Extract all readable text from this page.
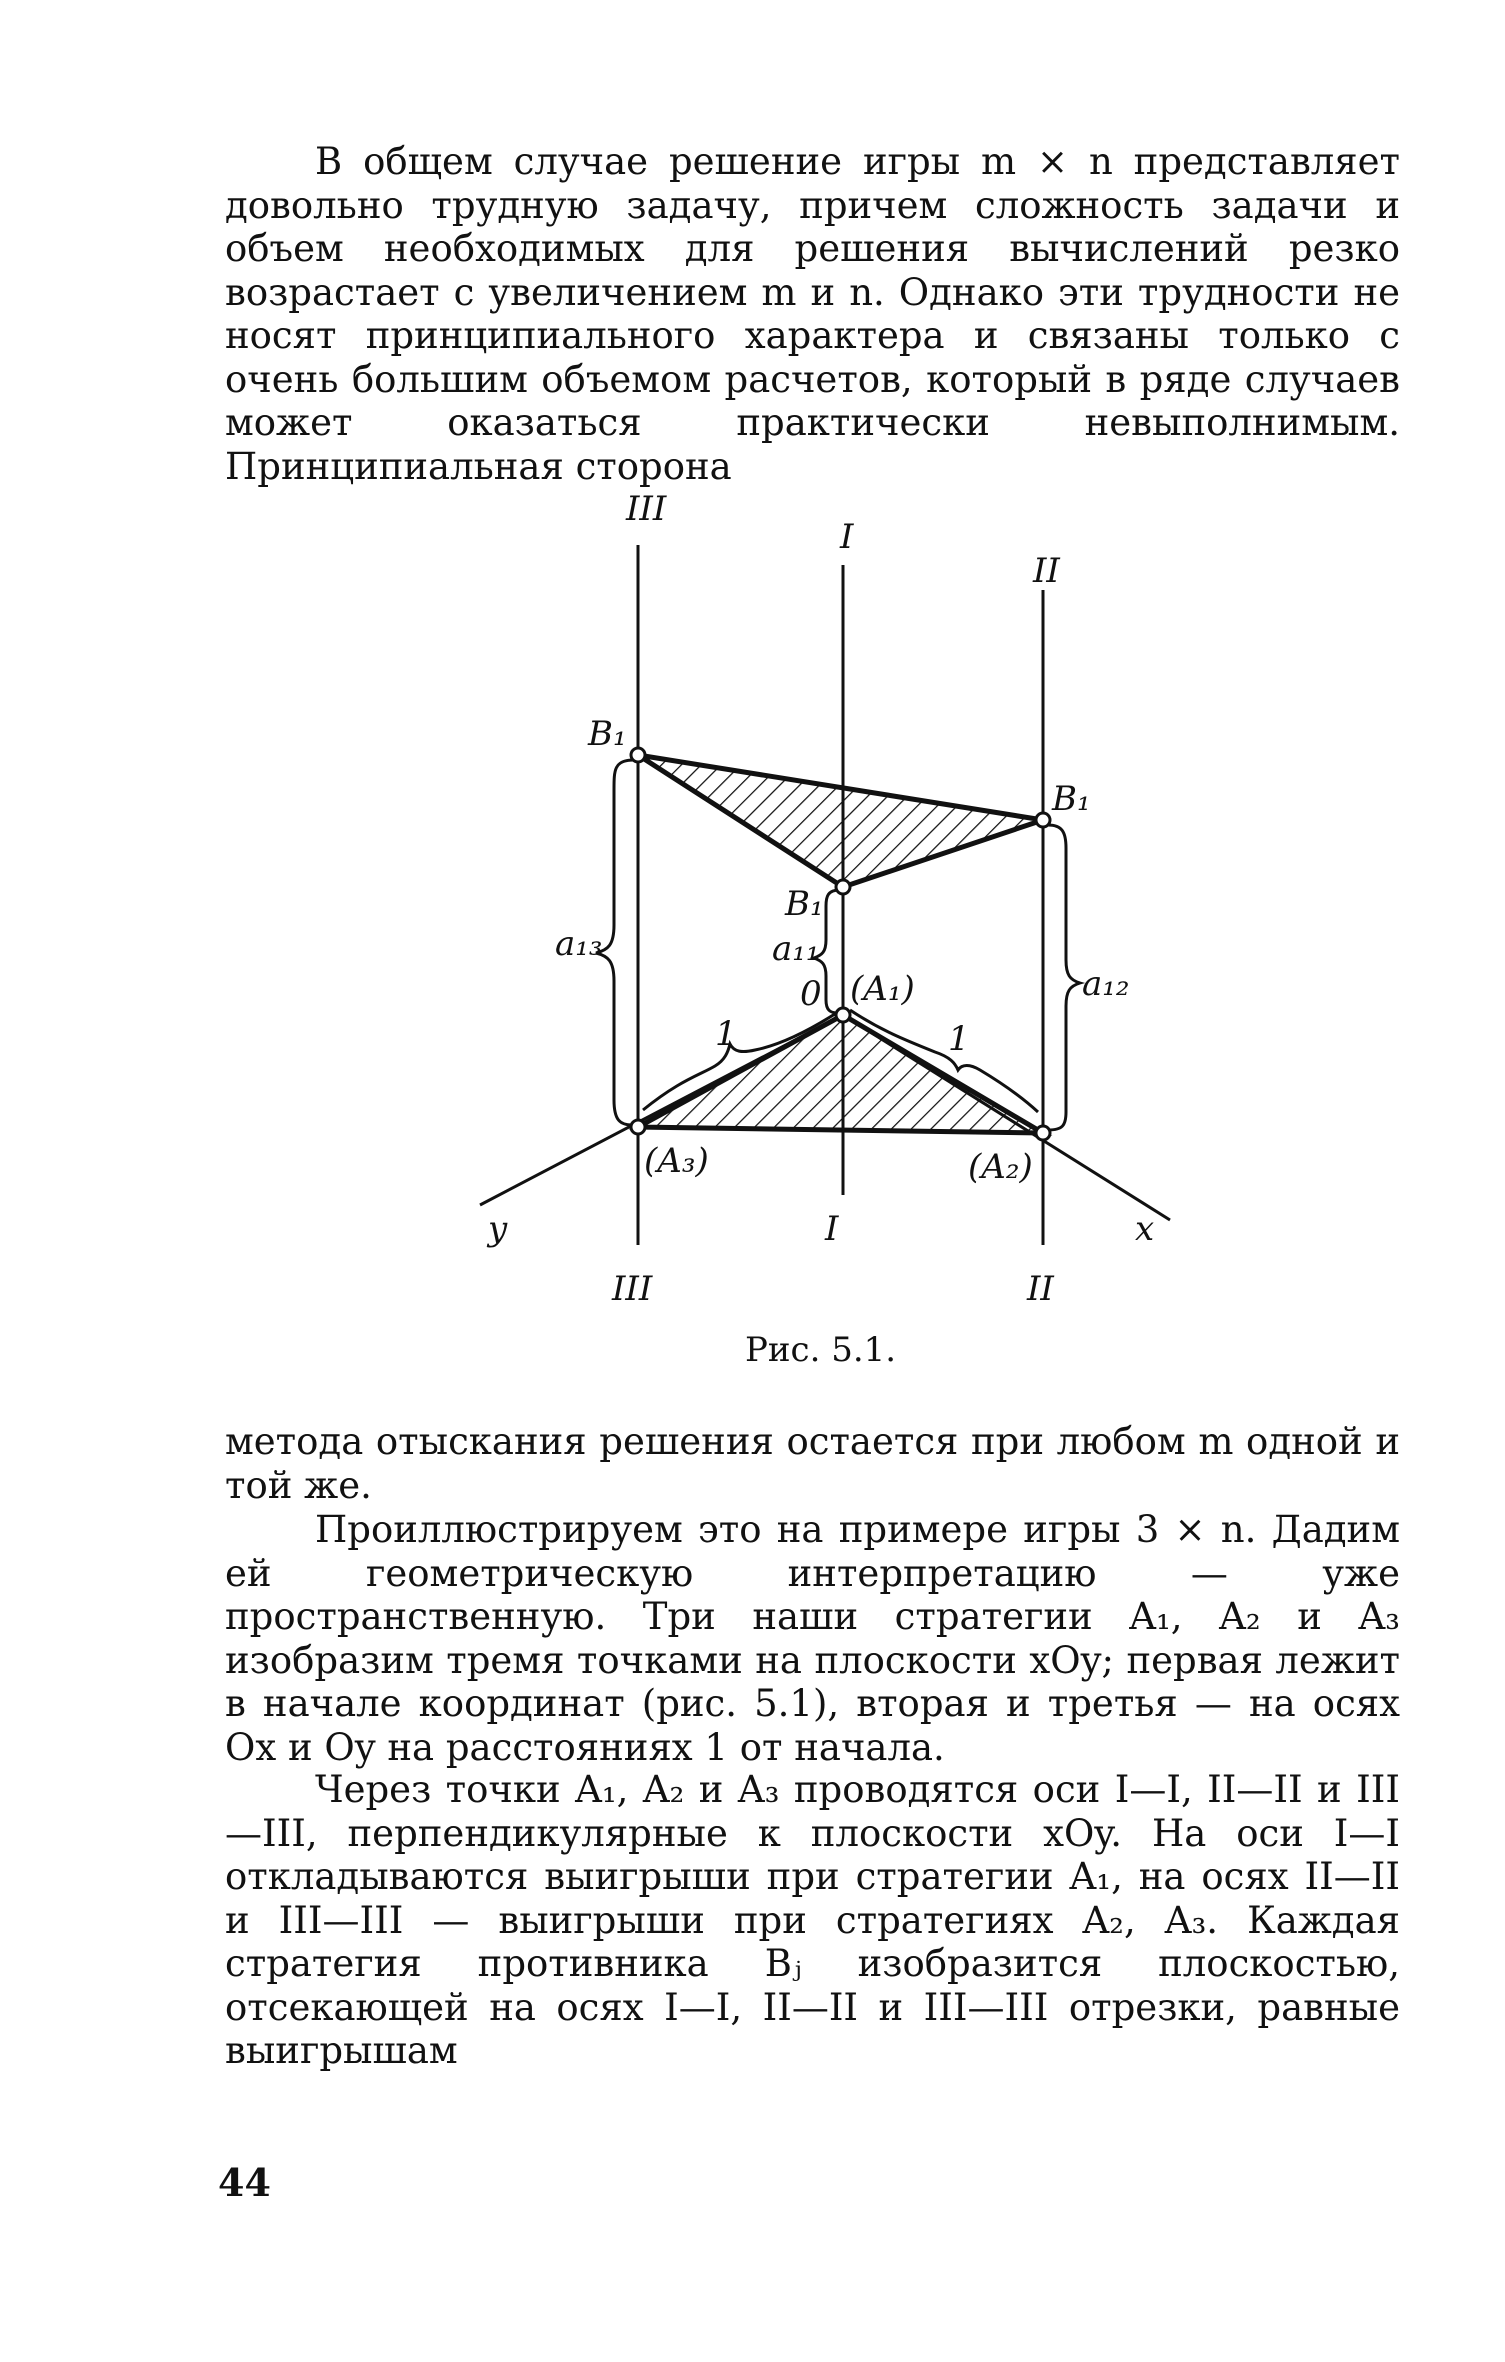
В общем случае решение игры m × n представляет довольно трудную задачу, причем сложность задачи и объем необходимых для решения вычислений резко возрастает с увеличением m и n. Однако эти трудности не носят принципиального характера и связаны только с очень большим объемом расчетов, который в ряде случаев может оказаться практически невыполнимым. Принципиальная сторона

III
I
II
III
I
II
B₁
B₁
B₁
a₁₃	a₁₁
a₁₂
0 (A₁)
(A₂)
(A₃)
1	1
y	x
Рис. 5.1.

метода отыскания решения остается при любом m одной и той же.

Проиллюстрируем это на примере игры 3 × n. Дадим ей геометрическую интерпретацию — уже пространственную. Три наши стратегии A₁, A₂ и A₃ изобразим тремя точками на плоскости xOy; первая лежит в начале координат (рис. 5.1), вторая и третья — на осях Ox и Oy на расстояниях 1 от начала.

Через точки A₁, A₂ и A₃ проводятся оси I—I, II—II и III—III, перпендикулярные к плоскости xOy. На оси I—I откладываются выигрыши при стратегии A₁, на осях II—II и III—III — выигрыши при стратегиях A₂, A₃. Каждая стратегия противника Bⱼ изобразится плоскостью, отсекающей на осях I—I, II—II и III—III отрезки, равные выигрышам

44
